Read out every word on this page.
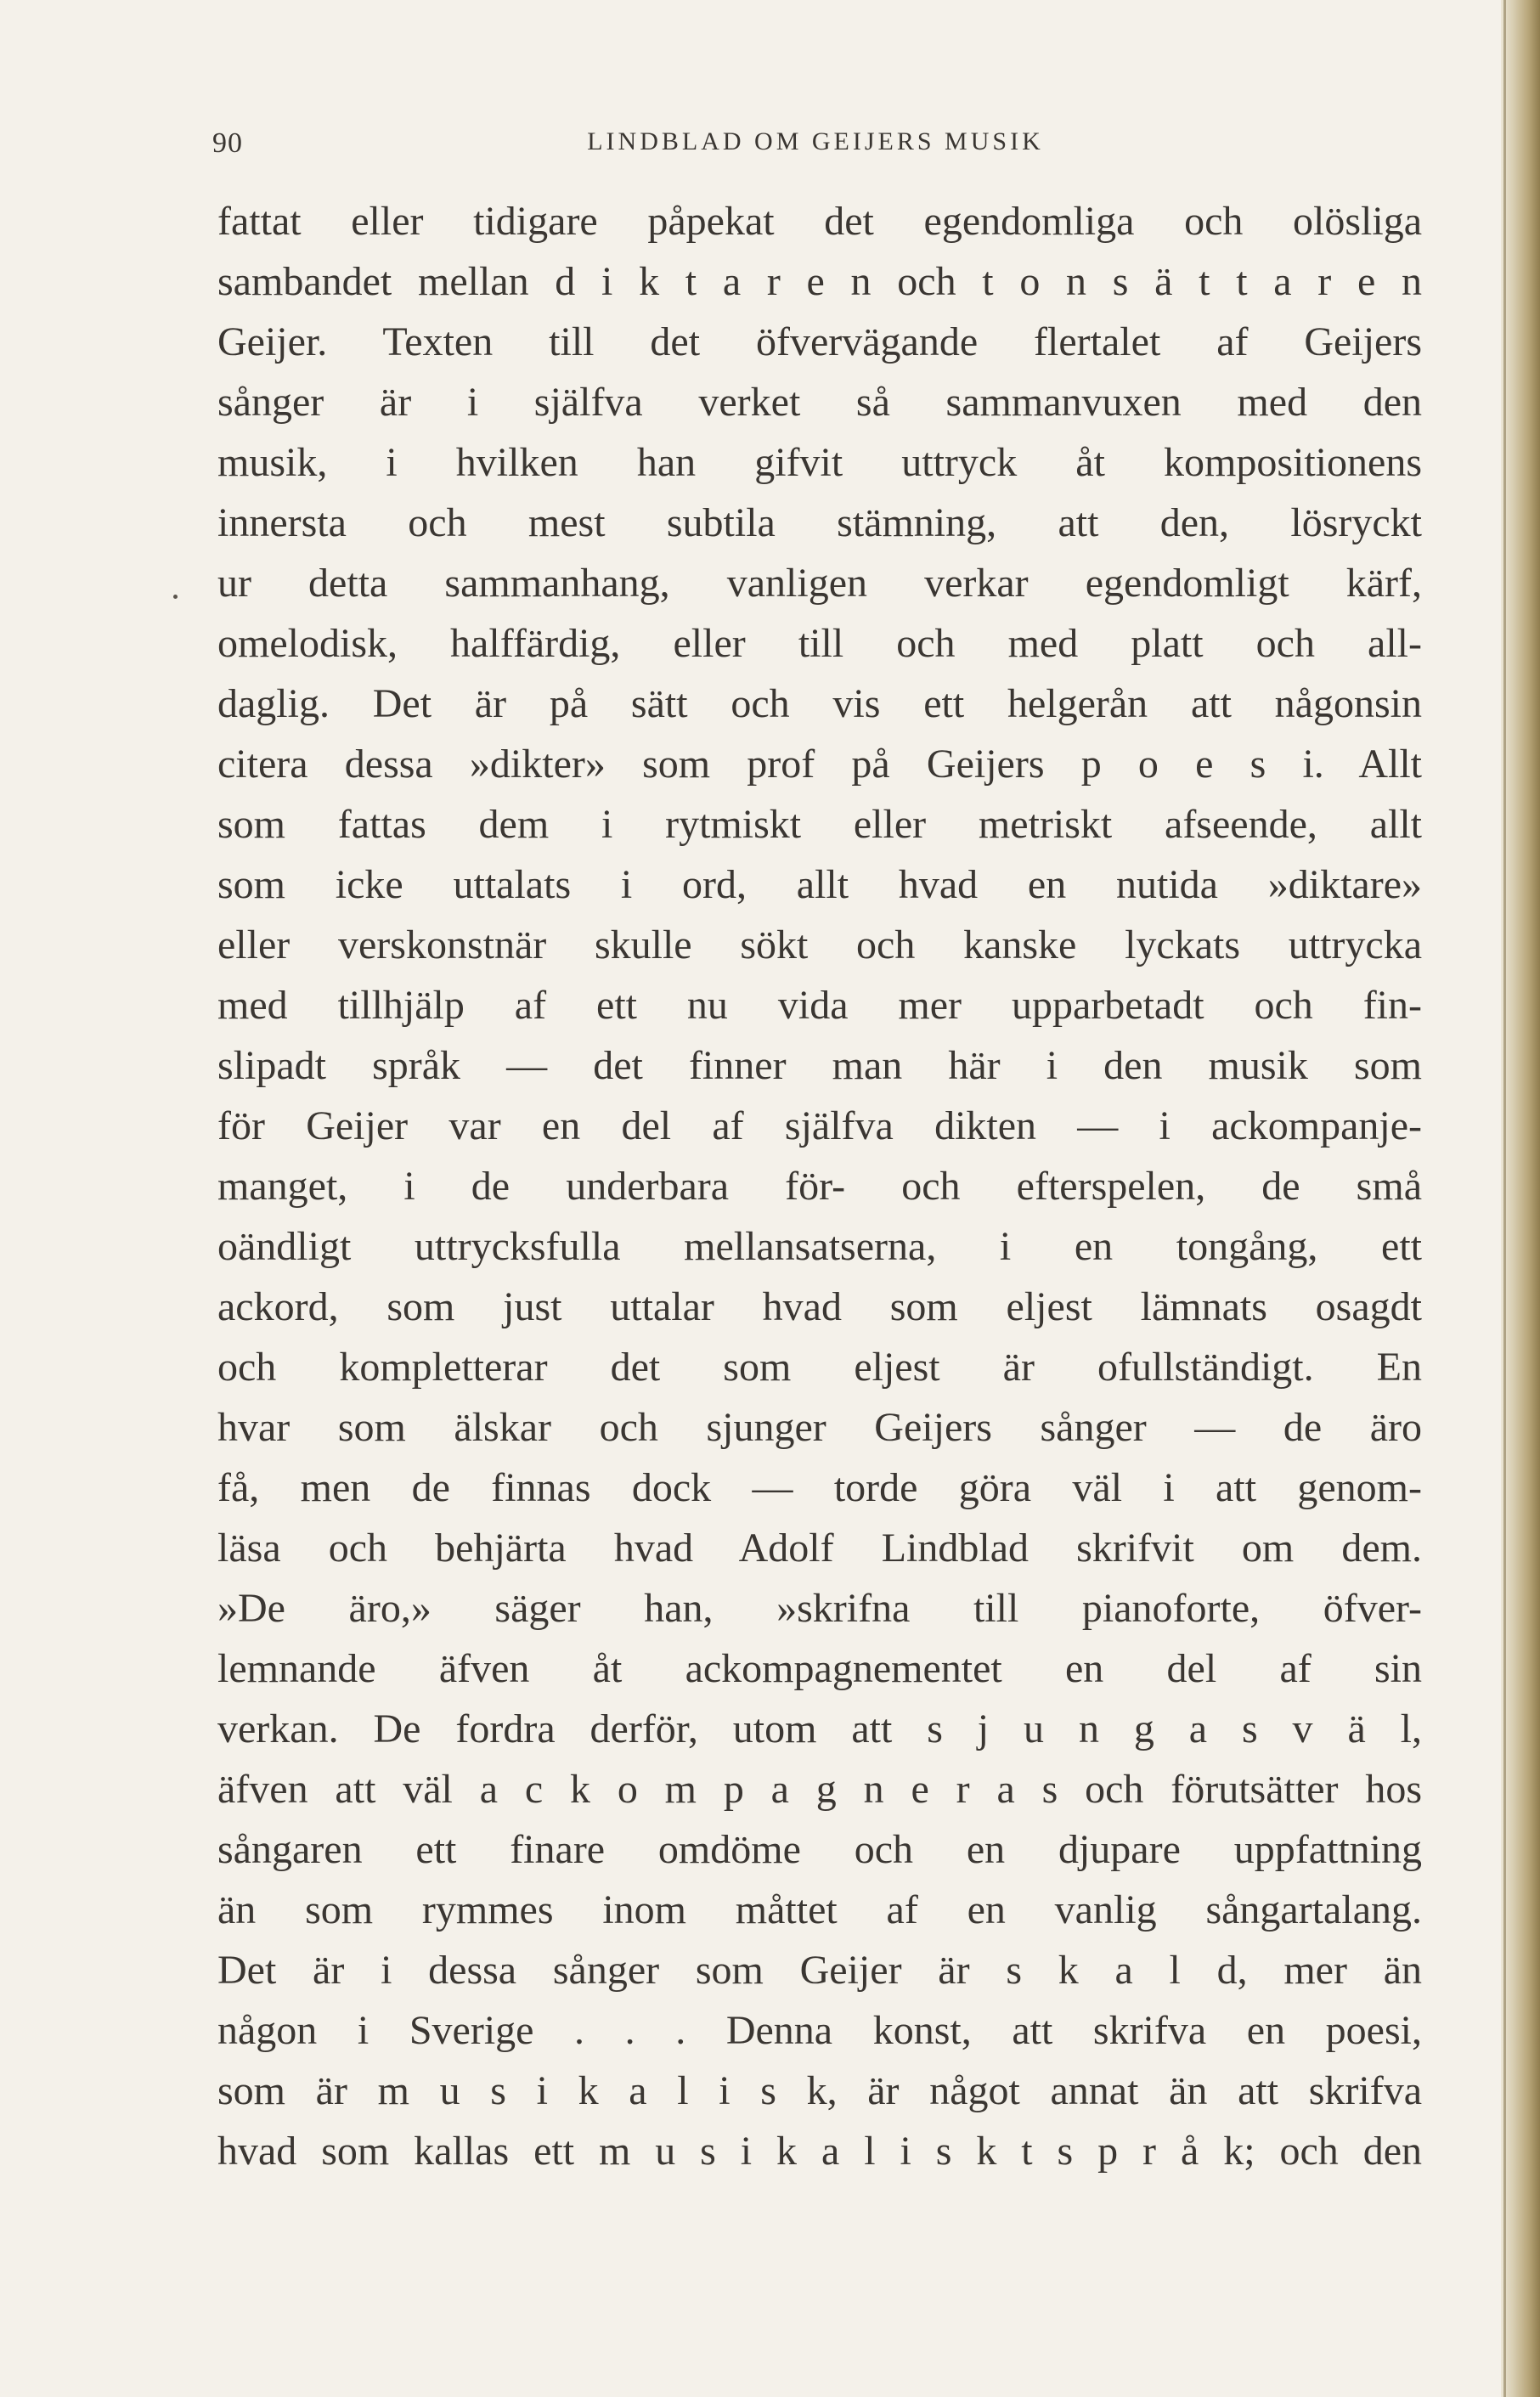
90	LINDBLAD OM GEIJERS MUSIK
fattat eller tidigare påpekat det egendomliga och olösliga
sambandet mellan d i k t a r e n och t o n s ä t t a r e n
Geijer. Texten till det öfvervägande flertalet af Geijers
sånger är i själfva verket så sammanvuxen med den
musik, i hvilken han gifvit uttryck åt kompositionens
innersta och mest subtila stämning, att den, lösryckt
ur detta sammanhang, vanligen verkar egendomligt kärf,
omelodisk, halffärdig, eller till och med platt och all-
daglig. Det är på sätt och vis ett helgerån att någonsin
citera dessa »dikter» som prof på Geijers p o e s i. Allt
som fattas dem i rytmiskt eller metriskt afseende, allt
som icke uttalats i ord, allt hvad en nutida »diktare»
eller verskonstnär skulle sökt och kanske lyckats uttrycka
med tillhjälp af ett nu vida mer upparbetadt och fin-
slipadt språk — det finner man här i den musik som
för Geijer var en del af själfva dikten — i ackompanje-
manget, i de underbara för- och efterspelen, de små
oändligt uttrycksfulla mellansatserna, i en tongång, ett
ackord, som just uttalar hvad som eljest lämnats osagdt
och kompletterar det som eljest är ofullständigt. En
hvar som älskar och sjunger Geijers sånger — de äro
få, men de finnas dock — torde göra väl i att genom-
läsa och behjärta hvad Adolf Lindblad skrifvit om dem.
»De äro,» säger han, »skrifna till pianoforte, öfver-
lemnande äfven åt ackompagnementet en del af sin
verkan. De fordra derför, utom att s j u n g a s v ä l,
äfven att väl a c k o m p a g n e r a s och förutsätter hos
sångaren ett finare omdöme och en djupare uppfattning
än som rymmes inom måttet af en vanlig sångartalang.
Det är i dessa sånger som Geijer är s k a l d, mer än
någon i Sverige . . . Denna konst, att skrifva en poesi,
som är m u s i k a l i s k, är något annat än att skrifva
hvad som kallas ett m u s i k a l i s k t s p r å k; och den
